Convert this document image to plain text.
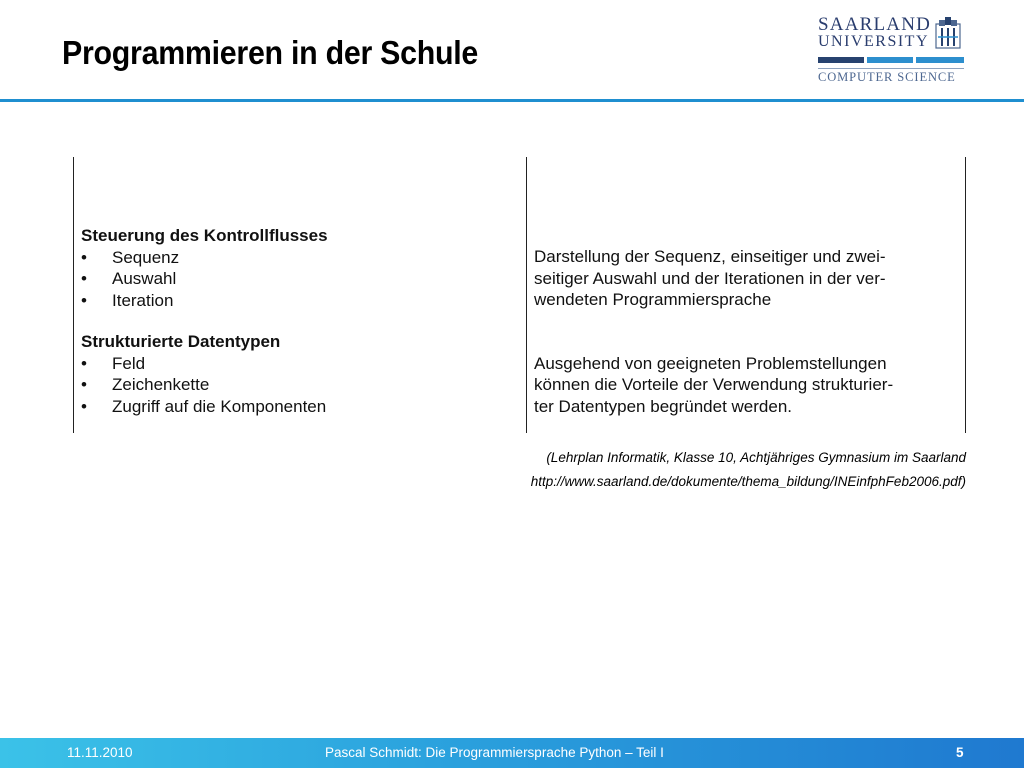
Programmieren in der Schule
SAARLAND
UNIVERSITY
COMPUTER SCIENCE
Steuerung des Kontrollflusses
• Sequenz
• Auswahl
• Iteration
Strukturierte Datentypen
• Feld
• Zeichenkette
• Zugriff auf die Komponenten
Darstellung der Sequenz, einseitiger und zwei-
seitiger Auswahl und der Iterationen in der ver-
wendeten Programmiersprache
Ausgehend von geeigneten Problemstellungen
können die Vorteile der Verwendung strukturier-
ter Datentypen begründet werden.
(Lehrplan Informatik, Klasse 10, Achtjähriges Gymnasium im Saarland
http://www.saarland.de/dokumente/thema_bildung/INEinfphFeb2006.pdf)
11.11.2010	Pascal Schmidt: Die Programmiersprache Python – Teil I	5
